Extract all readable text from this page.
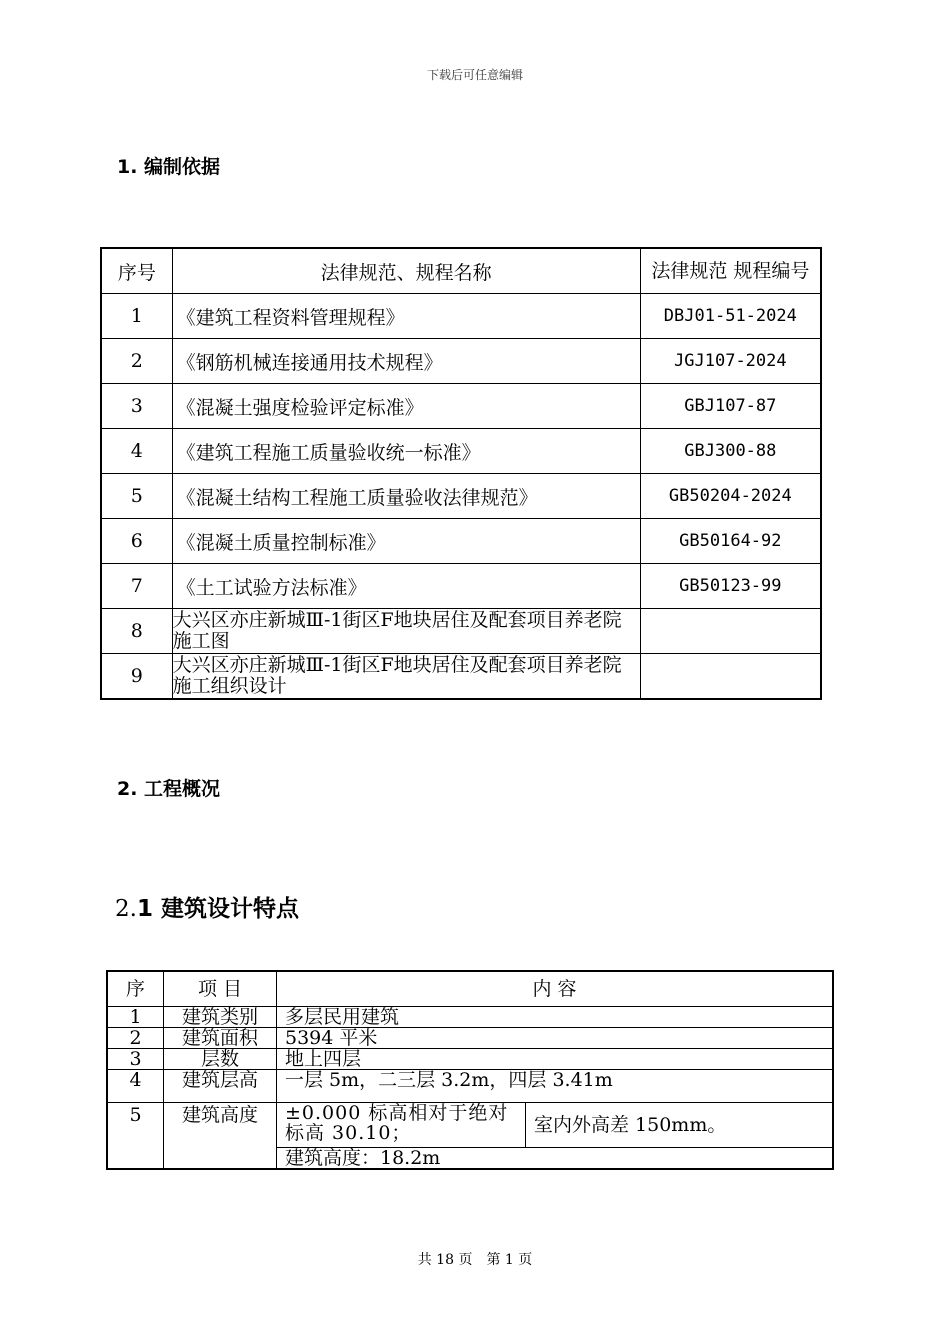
下载后可任意编辑
1. 编制依据
序号	法律规范、规程名称	法律规范 规程编号
1	《建筑工程资料管理规程》	DBJ01-51-2024
2	《钢筋机械连接通用技术规程》	JGJ107-2024
3	《混凝土强度检验评定标准》	GBJ107-87
4	《建筑工程施工质量验收统一标准》	GBJ300-88
5	《混凝土结构工程施工质量验收法律规范》	GB50204-2024
6	《混凝土质量控制标准》	GB50164-92
7	《土工试验方法标准》	GB50123-99
8	大兴区亦庄新城Ⅲ-1街区F地块居住及配套项目养老院施工图	
9	大兴区亦庄新城Ⅲ-1街区F地块居住及配套项目养老院施工组织设计	
2. 工程概况
2.1 建筑设计特点
序	项 目	内 容	
1	建筑类别	多层民用建筑	
2	建筑面积	5394 平米	
3	层数	地上四层	
4	建筑层高	一层 5m，二三层 3.2m，四层 3.41m	
5	建筑高度	±0.000 标高相对于绝对标高 30.10；	室内外高差 150mm。
		建筑高度：18.2m	
共 18 页　第 1 页
